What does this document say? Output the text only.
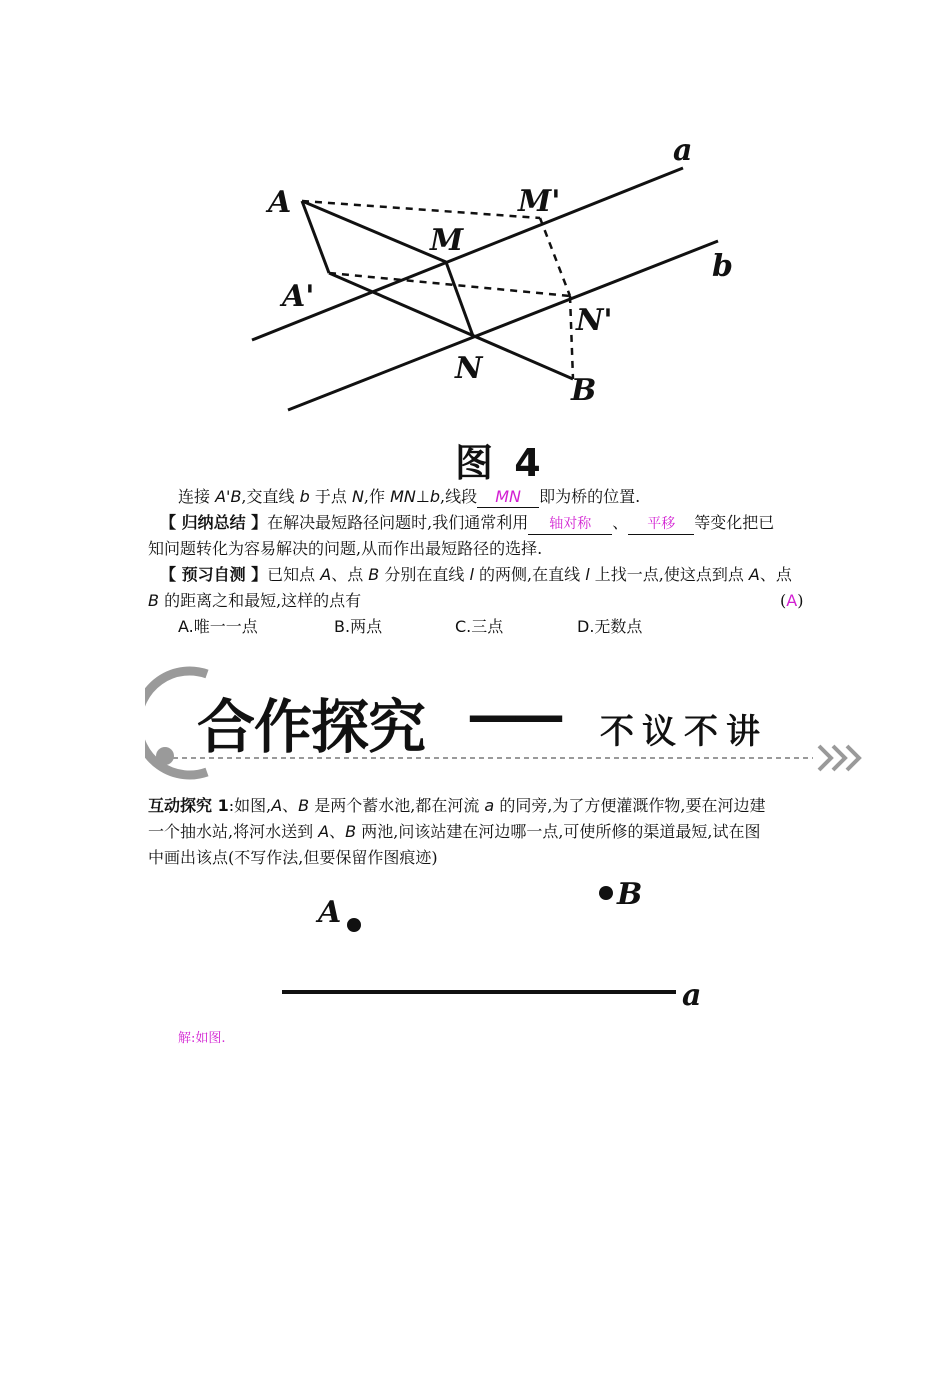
a
b
A
A'
M
M'
N
N'
B
图 4
连接 A'B,交直线 b 于点 N,作 MN⊥b,线段 MN 即为桥的位置.
【 归纳总结 】在解决最短路径问题时,我们通常利用 轴对称 、 平移 等变化把已
知问题转化为容易解决的问题,从而作出最短路径的选择.
【 预习自测 】已知点 A、点 B 分别在直线 l 的两侧,在直线 l 上找一点,使这点到点 A、点
B 的距离之和最短,这样的点有	(A)
A.唯一一点	B.两点	C.三点	D.无数点
合作探究 —— 不议不讲
互动探究 1:如图,A、B 是两个蓄水池,都在河流 a 的同旁,为了方便灌溉作物,要在河边建
一个抽水站,将河水送到 A、B 两池,问该站建在河边哪一点,可使所修的渠道最短,试在图
中画出该点(不写作法,但要保留作图痕迹)
A
B
a
解:如图.
